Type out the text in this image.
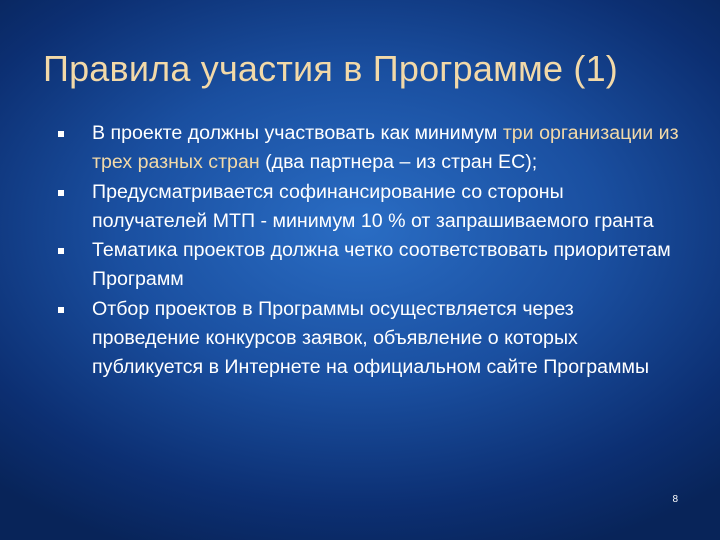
Правила участия в Программе (1)
В проекте должны участвовать как минимум три организации из трех разных стран (два партнера – из стран ЕС);
Предусматривается софинансирование со стороны получателей МТП - минимум 10 % от запрашиваемого гранта
Тематика проектов должна четко соответствовать приоритетам Программ
Отбор проектов в Программы осуществляется через проведение конкурсов заявок, объявление о которых публикуется в Интернете на официальном сайте Программы
8
